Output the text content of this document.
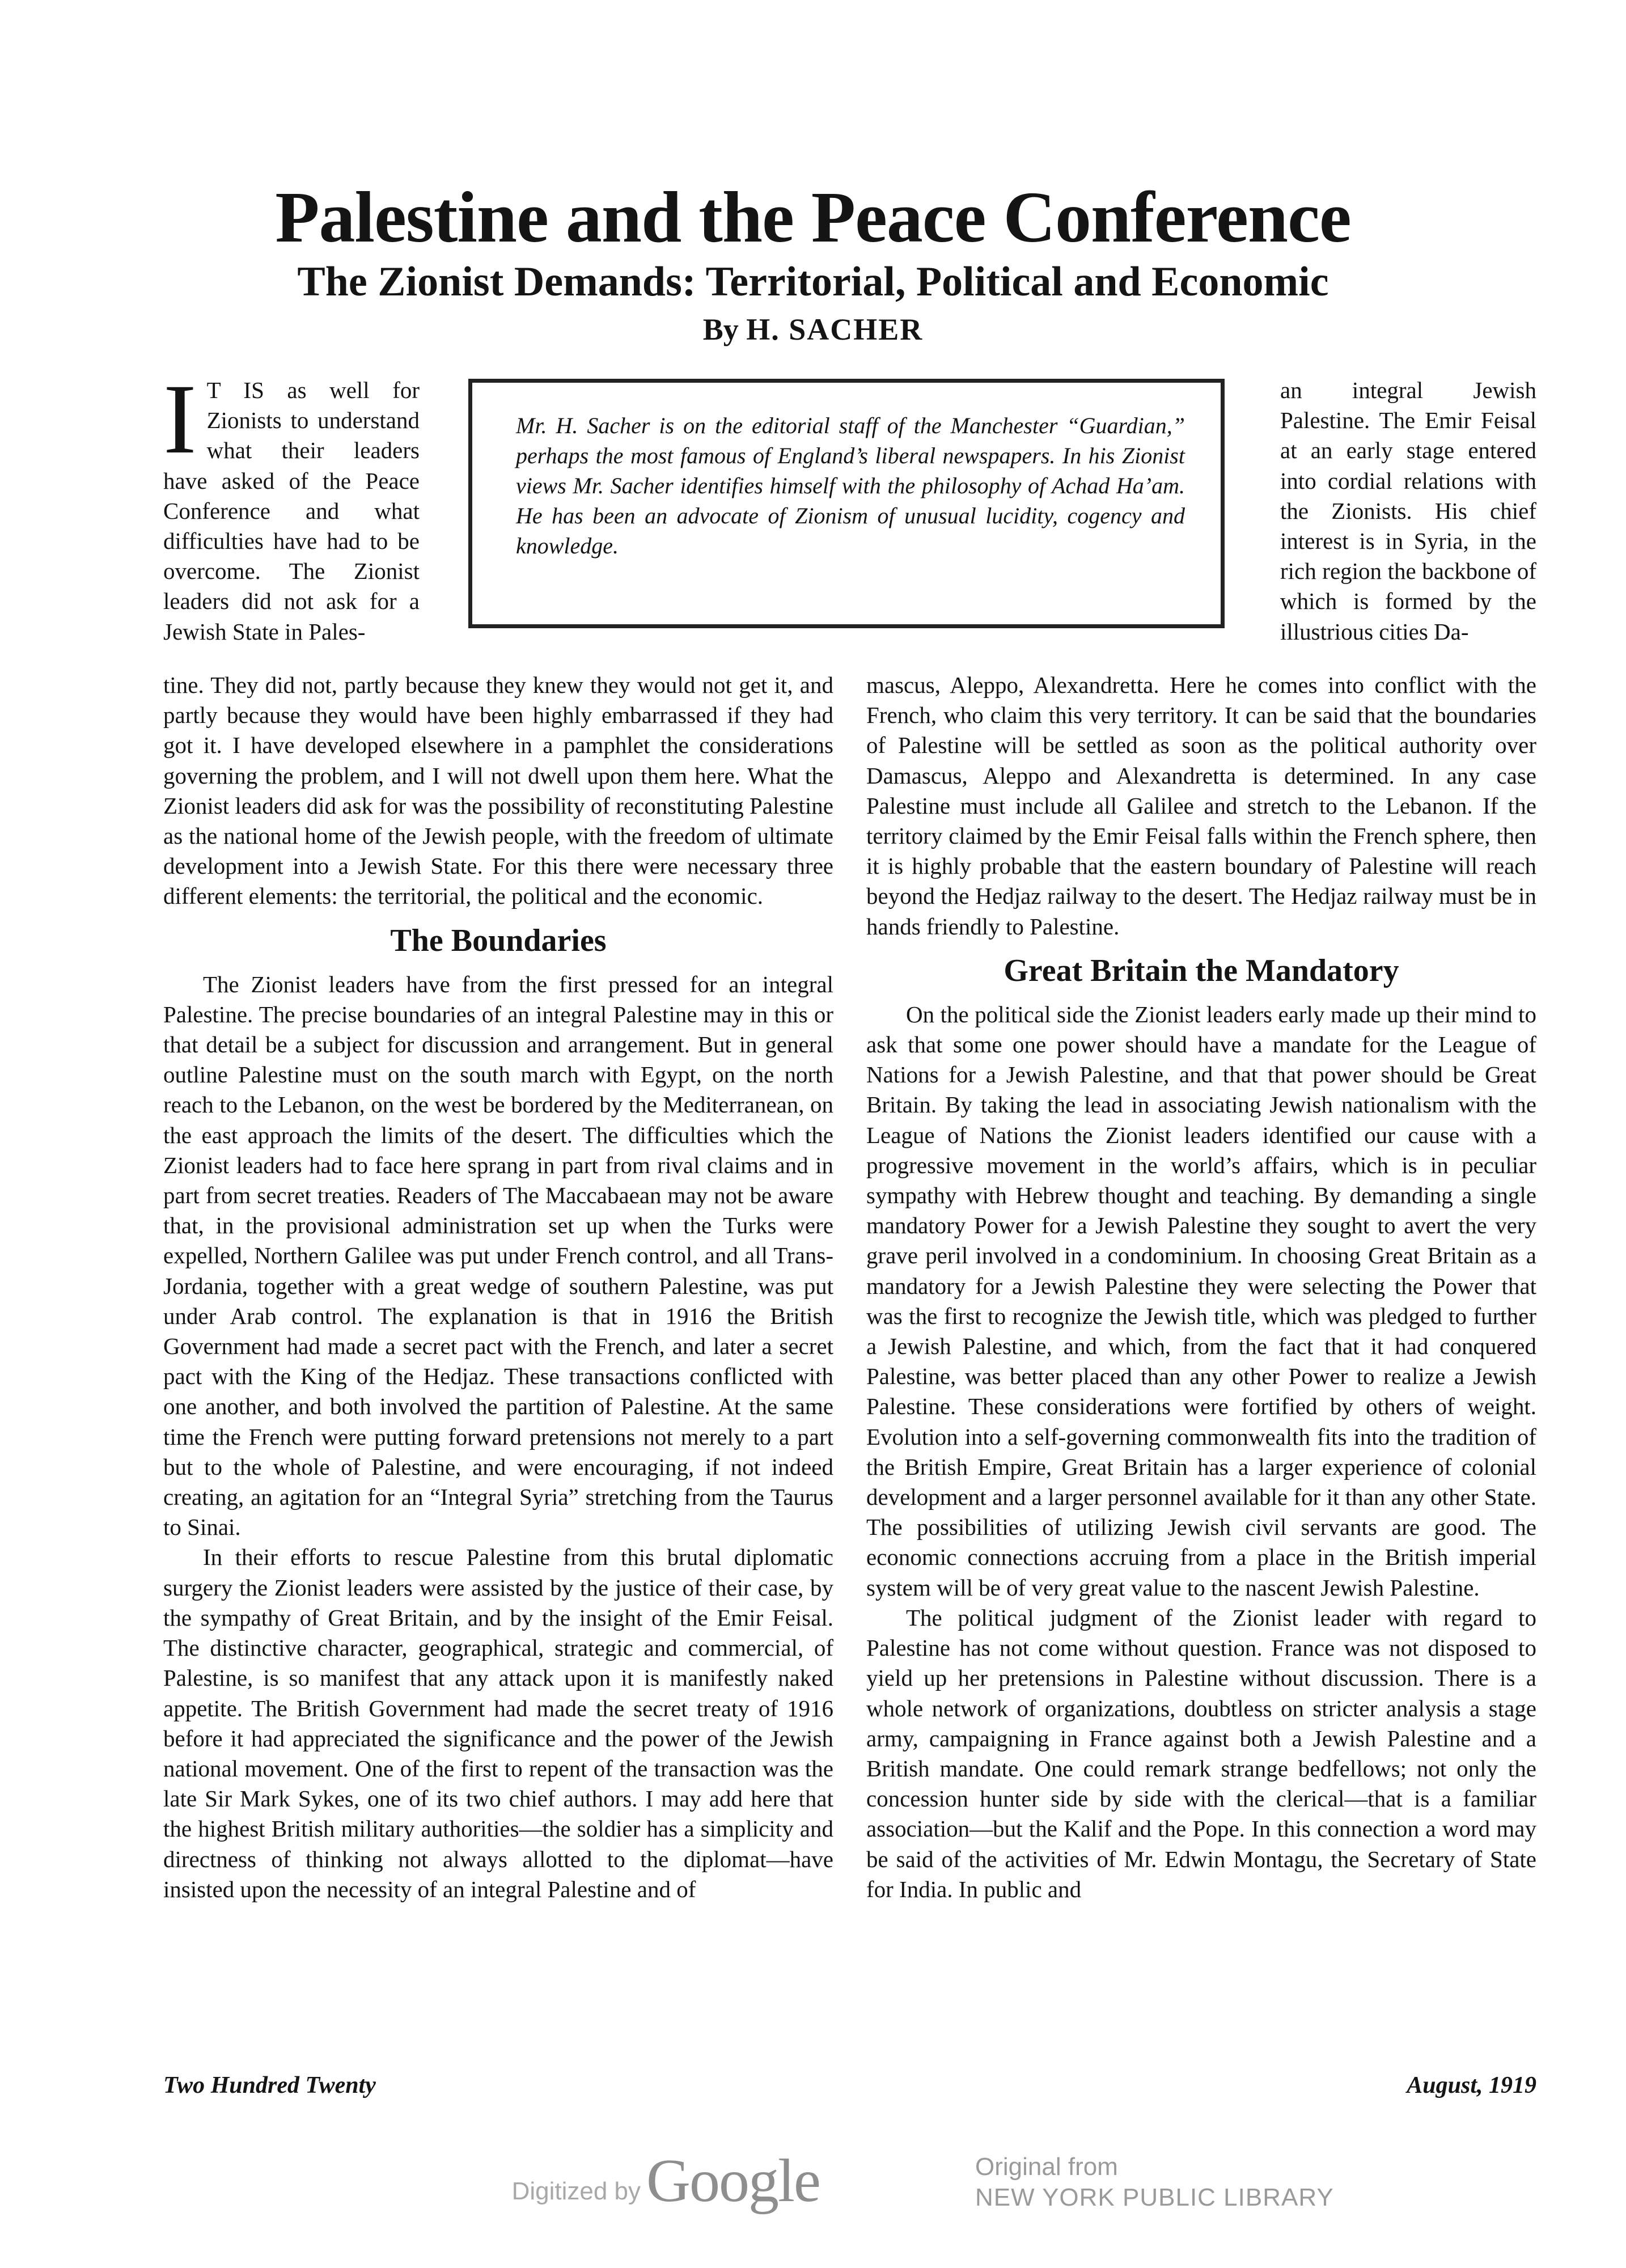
Palestine and the Peace Conference
The Zionist Demands: Territorial, Political and Economic
By H. SACHER
Mr. H. Sacher is on the editorial staff of the Manchester “Guardian,” perhaps the most famous of England’s liberal newspapers. In his Zionist views Mr. Sacher identifies himself with the philosophy of Achad Ha’am. He has been an advocate of Zionism of unusual lucidity, cogency and knowledge.

I T IS as well for Zionists to understand what their leaders have asked of the Peace Conference and what difficulties have had to be overcome. The Zionist leaders did not ask for a Jewish State in Pales-

an integral Jewish Palestine. The Emir Feisal at an early stage entered into cordial relations with the Zionists. His chief interest is in Syria, in the rich region the backbone of which is formed by the illustrious cities Da-

tine. They did not, partly because they knew they would not get it, and partly because they would have been highly embarrassed if they had got it. I have developed elsewhere in a pamphlet the considerations governing the problem, and I will not dwell upon them here. What the Zionist leaders did ask for was the possibility of reconstituting Palestine as the national home of the Jewish people, with the freedom of ultimate development into a Jewish State. For this there were necessary three different elements: the territorial, the political and the economic.

The Boundaries

The Zionist leaders have from the first pressed for an integral Palestine. The precise boundaries of an integral Palestine may in this or that detail be a subject for discussion and arrangement. But in general outline Palestine must on the south march with Egypt, on the north reach to the Lebanon, on the west be bordered by the Mediterranean, on the east approach the limits of the desert. The difficulties which the Zionist leaders had to face here sprang in part from rival claims and in part from secret treaties. Readers of The Maccabaean may not be aware that, in the provisional administration set up when the Turks were expelled, Northern Galilee was put under French control, and all Trans-Jordania, together with a great wedge of southern Palestine, was put under Arab control. The explanation is that in 1916 the British Government had made a secret pact with the French, and later a secret pact with the King of the Hedjaz. These transactions conflicted with one another, and both involved the partition of Palestine. At the same time the French were putting forward pretensions not merely to a part but to the whole of Palestine, and were encouraging, if not indeed creating, an agitation for an “Integral Syria” stretching from the Taurus to Sinai.

In their efforts to rescue Palestine from this brutal diplomatic surgery the Zionist leaders were assisted by the justice of their case, by the sympathy of Great Britain, and by the insight of the Emir Feisal. The distinctive character, geographical, strategic and commercial, of Palestine, is so manifest that any attack upon it is manifestly naked appetite. The British Government had made the secret treaty of 1916 before it had appreciated the significance and the power of the Jewish national movement. One of the first to repent of the transaction was the late Sir Mark Sykes, one of its two chief authors. I may add here that the highest British military authorities—the soldier has a simplicity and directness of thinking not always allotted to the diplomat—have insisted upon the necessity of an integral Palestine and of

mascus, Aleppo, Alexandretta. Here he comes into conflict with the French, who claim this very territory. It can be said that the boundaries of Palestine will be settled as soon as the political authority over Damascus, Aleppo and Alexandretta is determined. In any case Palestine must include all Galilee and stretch to the Lebanon. If the territory claimed by the Emir Feisal falls within the French sphere, then it is highly probable that the eastern boundary of Palestine will reach beyond the Hedjaz railway to the desert. The Hedjaz railway must be in hands friendly to Palestine.

Great Britain the Mandatory

On the political side the Zionist leaders early made up their mind to ask that some one power should have a mandate for the League of Nations for a Jewish Palestine, and that that power should be Great Britain. By taking the lead in associating Jewish nationalism with the League of Nations the Zionist leaders identified our cause with a progressive movement in the world’s affairs, which is in peculiar sympathy with Hebrew thought and teaching. By demanding a single mandatory Power for a Jewish Palestine they sought to avert the very grave peril involved in a condominium. In choosing Great Britain as a mandatory for a Jewish Palestine they were selecting the Power that was the first to recognize the Jewish title, which was pledged to further a Jewish Palestine, and which, from the fact that it had conquered Palestine, was better placed than any other Power to realize a Jewish Palestine. These considerations were fortified by others of weight. Evolution into a self-governing commonwealth fits into the tradition of the British Empire, Great Britain has a larger experience of colonial development and a larger personnel available for it than any other State. The possibilities of utilizing Jewish civil servants are good. The economic connections accruing from a place in the British imperial system will be of very great value to the nascent Jewish Palestine.

The political judgment of the Zionist leader with regard to Palestine has not come without question. France was not disposed to yield up her pretensions in Palestine without discussion. There is a whole network of organizations, doubtless on stricter analysis a stage army, campaigning in France against both a Jewish Palestine and a British mandate. One could remark strange bedfellows; not only the concession hunter side by side with the clerical—that is a familiar association—but the Kalif and the Pope. In this connection a word may be said of the activities of Mr. Edwin Montagu, the Secretary of State for India. In public and

Two Hundred Twenty	August, 1919
Digitized by Google	Original from
NEW YORK PUBLIC LIBRARY
